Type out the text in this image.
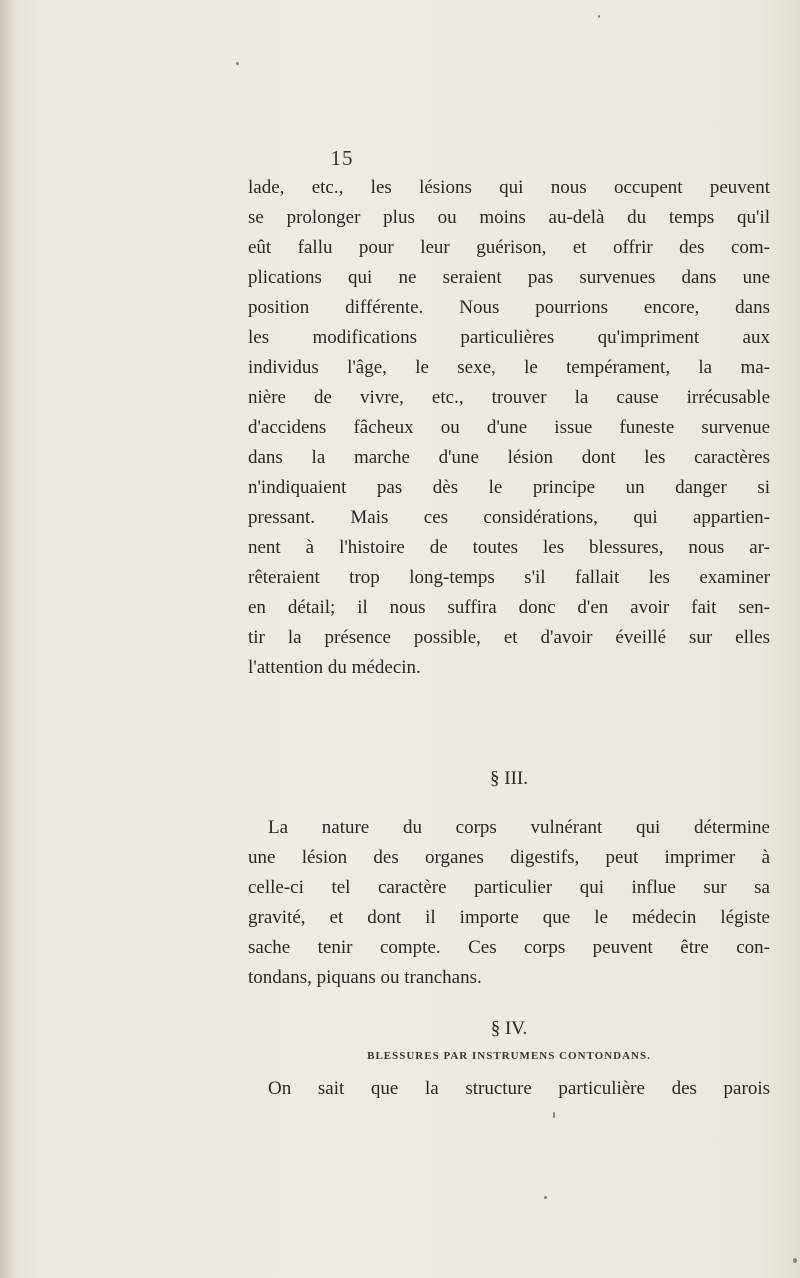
15
lade, etc., les lésions qui nous occupent peuvent
se prolonger plus ou moins au-delà du temps qu'il
eût fallu pour leur guérison, et offrir des com-
plications qui ne seraient pas survenues dans une
position différente. Nous pourrions encore, dans
les modifications particulières qu'impriment aux
individus l'âge, le sexe, le tempérament, la ma-
nière de vivre, etc., trouver la cause irrécusable
d'accidens fâcheux ou d'une issue funeste survenue
dans la marche d'une lésion dont les caractères
n'indiquaient pas dès le principe un danger si
pressant. Mais ces considérations, qui appartien-
nent à l'histoire de toutes les blessures, nous ar-
rêteraient trop long-temps s'il fallait les examiner
en détail; il nous suffira donc d'en avoir fait sen-
tir la présence possible, et d'avoir éveillé sur elles
l'attention du médecin.
§ III.
La nature du corps vulnérant qui détermine
une lésion des organes digestifs, peut imprimer à
celle-ci tel caractère particulier qui influe sur sa
gravité, et dont il importe que le médecin légiste
sache tenir compte. Ces corps peuvent être con-
tondans, piquans ou tranchans.
§ IV.
BLESSURES PAR INSTRUMENS CONTONDANS.
On sait que la structure particulière des parois
